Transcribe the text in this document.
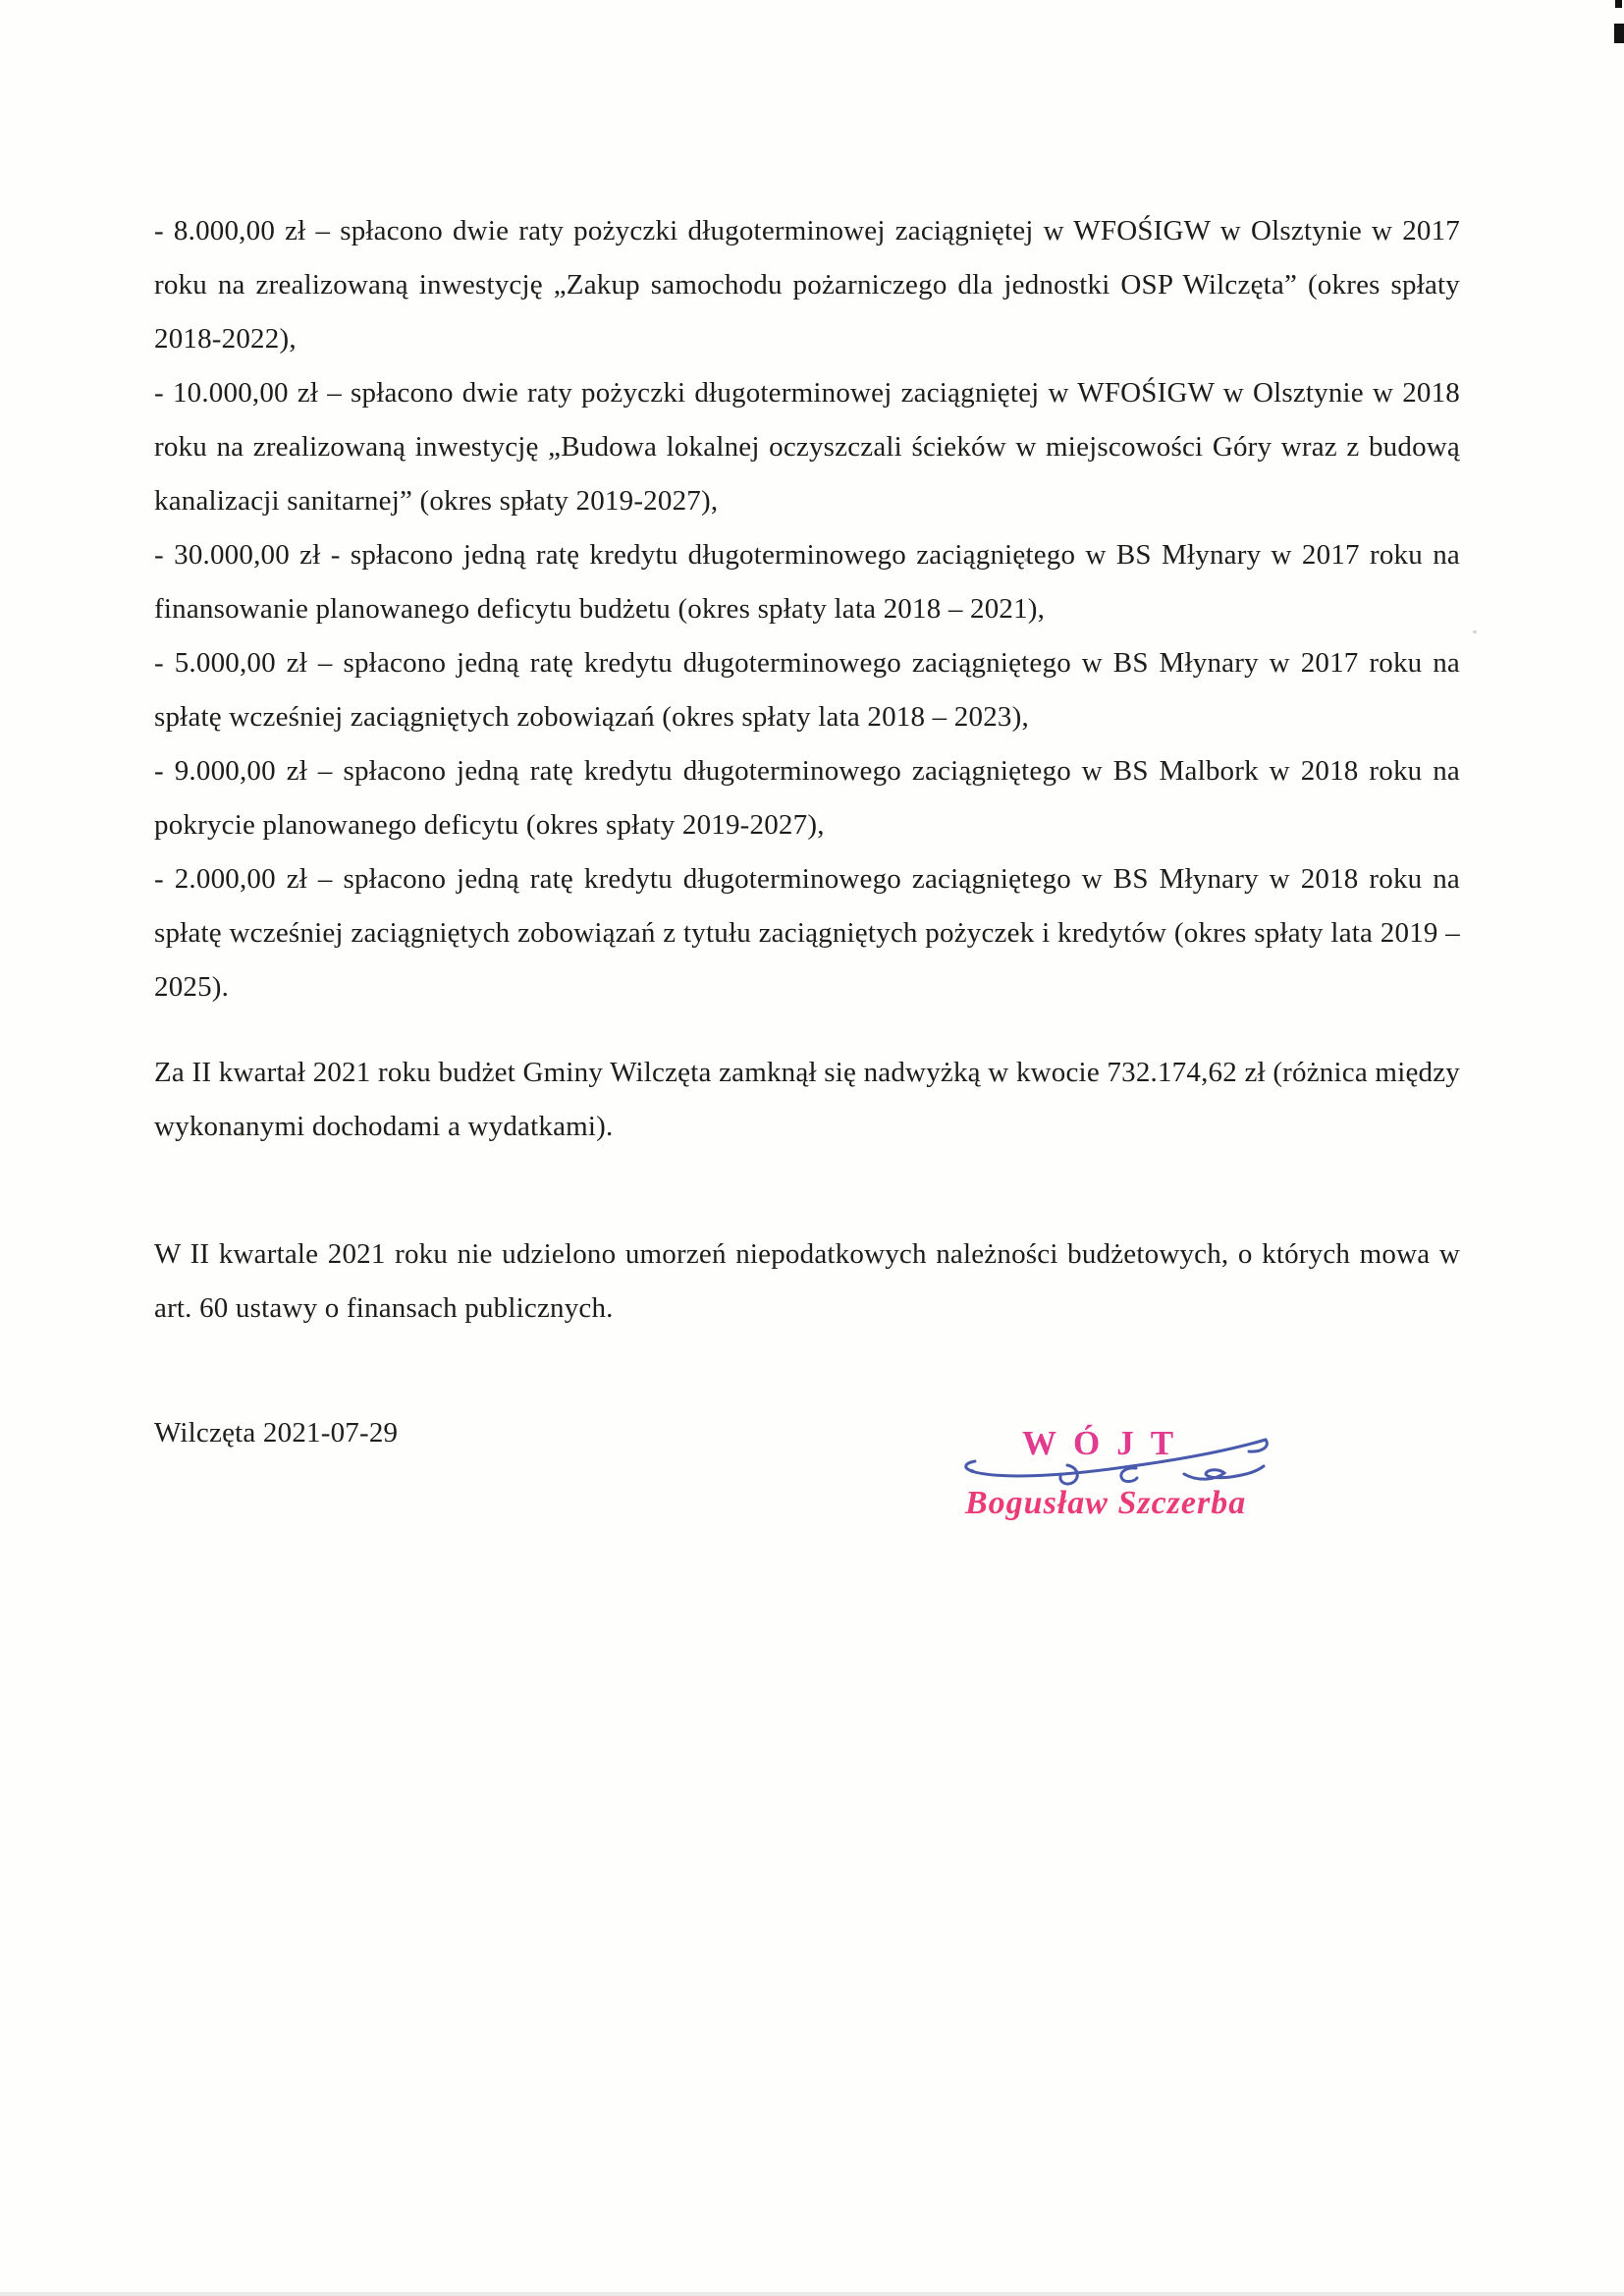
- 8.000,00 zł – spłacono dwie raty pożyczki długoterminowej zaciągniętej w WFOŚIGW w Olsztynie w 2017 roku na zrealizowaną inwestycję „Zakup samochodu pożarniczego dla jednostki OSP Wilczęta” (okres spłaty 2018-2022),

- 10.000,00 zł – spłacono dwie raty pożyczki długoterminowej zaciągniętej w WFOŚIGW w Olsztynie w 2018 roku na zrealizowaną inwestycję „Budowa lokalnej oczyszczali ścieków w miejscowości Góry wraz z budową kanalizacji sanitarnej” (okres spłaty 2019-2027),

- 30.000,00 zł - spłacono jedną ratę kredytu długoterminowego zaciągniętego w BS Młynary w 2017 roku na finansowanie planowanego deficytu budżetu (okres spłaty lata 2018 – 2021),

- 5.000,00 zł – spłacono jedną ratę kredytu długoterminowego zaciągniętego w BS Młynary w 2017 roku na spłatę wcześniej zaciągniętych zobowiązań (okres spłaty lata 2018 – 2023),

- 9.000,00 zł – spłacono jedną ratę kredytu długoterminowego zaciągniętego w BS Malbork w 2018 roku na pokrycie planowanego deficytu (okres spłaty 2019-2027),

- 2.000,00 zł – spłacono jedną ratę kredytu długoterminowego zaciągniętego w BS Młynary w 2018 roku na spłatę wcześniej zaciągniętych zobowiązań z tytułu zaciągniętych pożyczek i kredytów (okres spłaty lata 2019 – 2025).

Za II kwartał 2021 roku budżet Gminy Wilczęta zamknął się nadwyżką w kwocie 732.174,62 zł (różnica między wykonanymi dochodami a wydatkami).

W II kwartale 2021 roku nie udzielono umorzeń niepodatkowych należności budżetowych, o których mowa w art. 60 ustawy o finansach publicznych.

Wilczęta 2021-07-29	WÓJT
Bogusław Szczerba
